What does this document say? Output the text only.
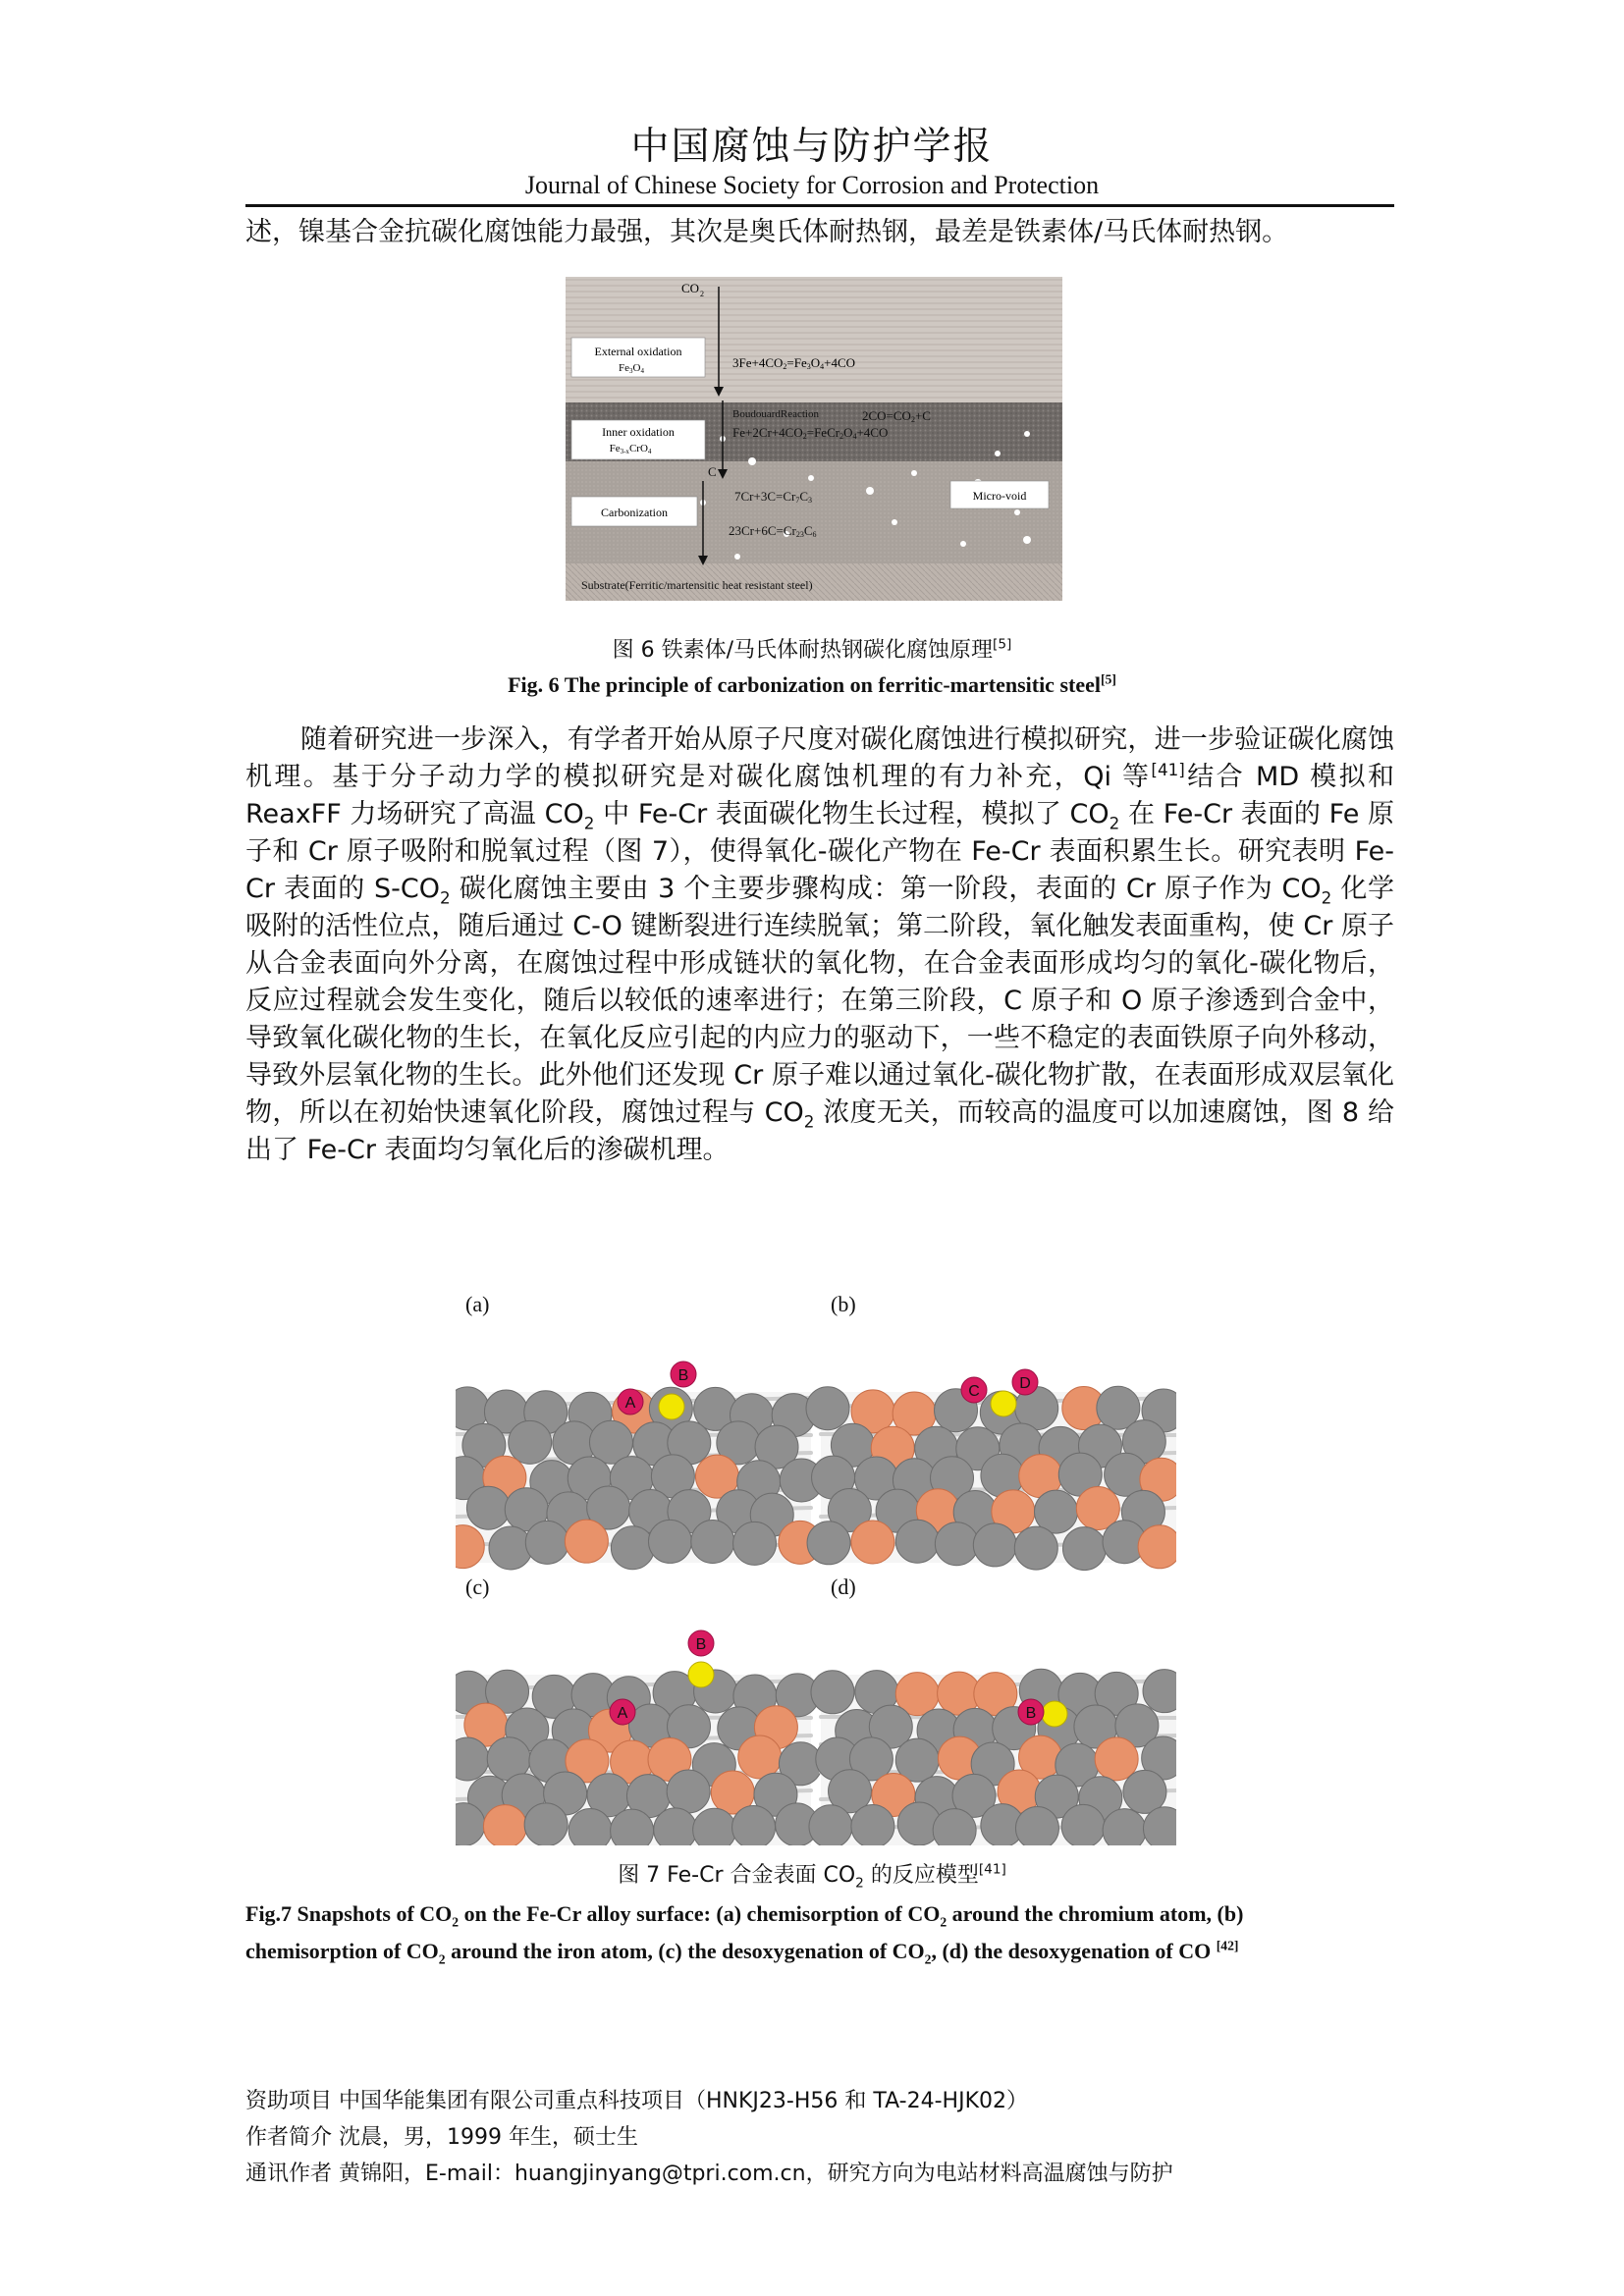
中国腐蚀与防护学报
Journal of Chinese Society for Corrosion and Protection

述，镍基合金抗碳化腐蚀能力最强，其次是奥氏体耐热钢，最差是铁素体/马氏体耐热钢。

CO 2
External oxidation
Fe3O4
3Fe+4CO2=Fe3O4+4CO
BoudouardReaction	2CO=CO2+C
Inner oxidation
Fe3-xCrO4
Fe+2Cr+4CO2=FeCr2O4+4CO
C
7Cr+3C=Cr7C3	Micro-void
Carbonization
23Cr+6C=Cr23C6
Substrate(Ferritic/martensitic heat resistant steel)
图 6 铁素体/马氏体耐热钢碳化腐蚀原理[5]
Fig. 6 The principle of carbonization on ferritic-martensitic steel[5]

随着研究进一步深入，有学者开始从原子尺度对碳化腐蚀进行模拟研究，进一步验证碳化腐蚀机理。基于分子动力学的模拟研究是对碳化腐蚀机理的有力补充，Qi 等[41]结合 MD 模拟和 ReaxFF 力场研究了高温 $CO_2$ 中 Fe-Cr 表面碳化物生长过程，模拟了 $CO_2$ 在 Fe-Cr 表面的 Fe 原子和 Cr 原子吸附和脱氧过程（图 7），使得氧化-碳化产物在 Fe-Cr 表面积累生长。研究表明 Fe-Cr 表面的 $S-CO_2$ 碳化腐蚀主要由 3 个主要步骤构成：第一阶段，表面的 Cr 原子作为 $CO_2$ 化学吸附的活性位点，随后通过 C-O 键断裂进行连续脱氧；第二阶段，氧化触发表面重构，使 Cr 原子从合金表面向外分离，在腐蚀过程中形成链状的氧化物，在合金表面形成均匀的氧化-碳化物后，反应过程就会发生变化，随后以较低的速率进行；在第三阶段，C 原子和 O 原子渗透到合金中，导致氧化碳化物的生长，在氧化反应引起的内应力的驱动下，一些不稳定的表面铁原子向外移动，导致外层氧化物的生长。此外他们还发现 Cr 原子难以通过氧化-碳化物扩散，在表面形成双层氧化物，所以在初始快速氧化阶段，腐蚀过程与 $CO_2$ 浓度无关，而较高的温度可以加速腐蚀，图 8 给出了 Fe-Cr 表面均匀氧化后的渗碳机理。

(a)
A
B
(b)
C	D
(c)
A
B
(d)
B
图 7 Fe-Cr 合金表面 $CO_2$ 的反应模型[41]
Fig.7 Snapshots of $CO_2$ on the Fe-Cr alloy surface: (a) chemisorption of $CO_2$ around the chromium atom, (b)
chemisorption of $CO_2$ around the iron atom, (c) the desoxygenation of $CO_2$, (d) the desoxygenation of CO [42]
资助项目 中国华能集团有限公司重点科技项目（HNKJ23-H56 和 TA-24-HJK02）
作者简介 沈晨，男，1999 年生，硕士生
通讯作者 黄锦阳，E-mail：huangjinyang@tpri.com.cn，研究方向为电站材料高温腐蚀与防护
